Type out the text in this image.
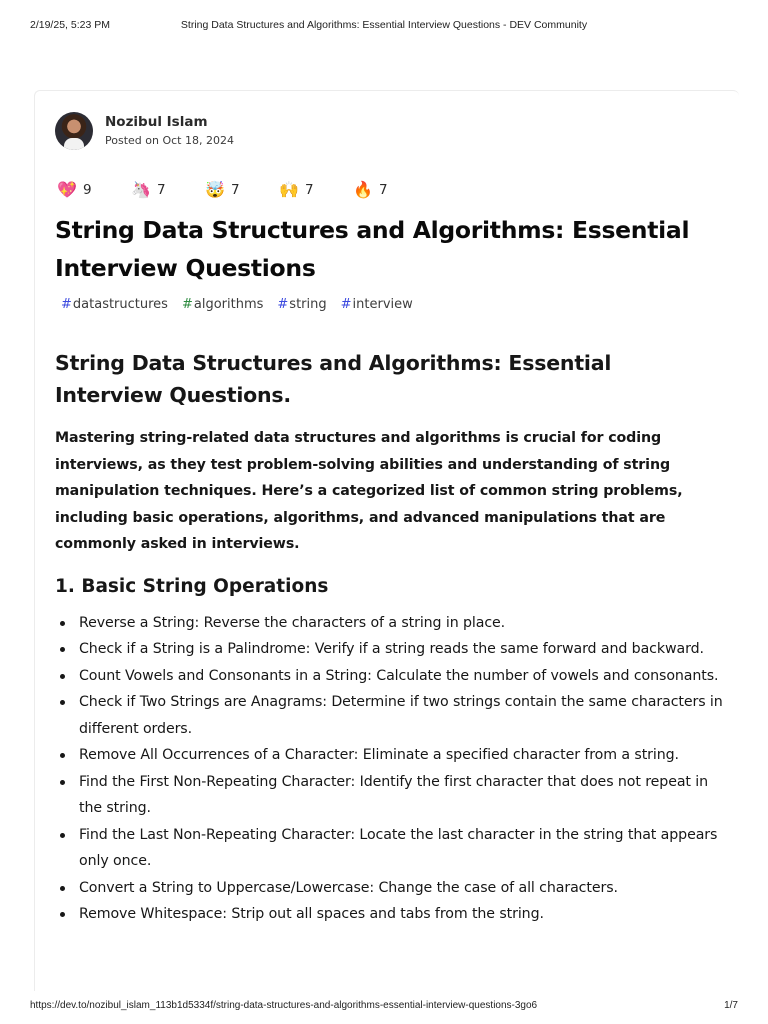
2/19/25, 5:23 PM	String Data Structures and Algorithms: Essential Interview Questions - DEV Community
Nozibul Islam
Posted on Oct 18, 2024
💖 9 🦄 7 🤯 7 🙌 7 🔥 7
String Data Structures and Algorithms: Essential Interview Questions
#datastructures #algorithms #string #interview
String Data Structures and Algorithms: Essential Interview Questions.

Mastering string-related data structures and algorithms is crucial for coding interviews, as they test problem-solving abilities and understanding of string manipulation techniques. Here’s a categorized list of common string problems, including basic operations, algorithms, and advanced manipulations that are commonly asked in interviews.

1. Basic String Operations
Reverse a String: Reverse the characters of a string in place.
Check if a String is a Palindrome: Verify if a string reads the same forward and backward.
Count Vowels and Consonants in a String: Calculate the number of vowels and consonants.
Check if Two Strings are Anagrams: Determine if two strings contain the same characters in different orders.
Remove All Occurrences of a Character: Eliminate a specified character from a string.
Find the First Non-Repeating Character: Identify the first character that does not repeat in the string.
Find the Last Non-Repeating Character: Locate the last character in the string that appears only once.
Convert a String to Uppercase/Lowercase: Change the case of all characters.
Remove Whitespace: Strip out all spaces and tabs from the string.
https://dev.to/nozibul_islam_113b1d5334f/string-data-structures-and-algorithms-essential-interview-questions-3go6	1/7
